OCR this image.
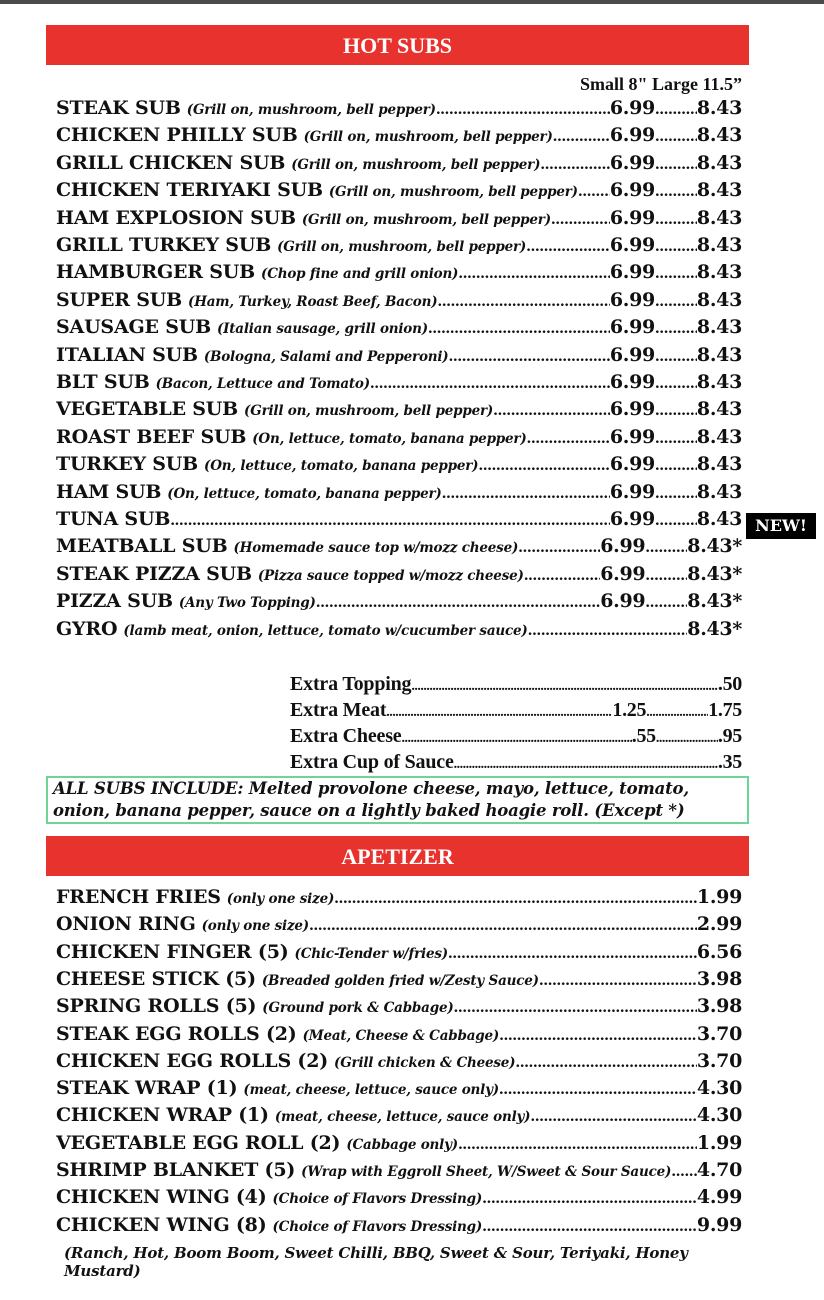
HOT SUBS
Small 8" Large 11.5”
STEAK SUB (Grill on, mushroom, bell pepper) .....	6.99 ..... 8.43
CHICKEN PHILLY SUB (Grill on, mushroom, bell pepper) .....	6.99 ..... 8.43
GRILL CHICKEN SUB (Grill on, mushroom, bell pepper) .....	6.99 ..... 8.43
CHICKEN TERIYAKI SUB (Grill on, mushroom, bell pepper) ..... 6.99 ..... 8.43
HAM EXPLOSION SUB (Grill on, mushroom, bell pepper) .....	6.99 ..... 8.43
GRILL TURKEY SUB (Grill on, mushroom, bell pepper) .....	6.99 ..... 8.43
HAMBURGER SUB (Chop fine and grill onion) .....	6.99 ..... 8.43
SUPER SUB (Ham, Turkey, Roast Beef, Bacon) .....	6.99 ..... 8.43
SAUSAGE SUB (Italian sausage, grill onion) .....	6.99 ..... 8.43
ITALIAN SUB (Bologna, Salami and Pepperoni) .....	6.99 ..... 8.43
BLT SUB (Bacon, Lettuce and Tomato) .....	6.99 ..... 8.43
VEGETABLE SUB (Grill on, mushroom, bell pepper) .....	6.99 ..... 8.43
ROAST BEEF SUB (On, lettuce, tomato, banana pepper) .....	6.99 ..... 8.43
TURKEY SUB (On, lettuce, tomato, banana pepper) .....	6.99 ..... 8.43
HAM SUB (On, lettuce, tomato, banana pepper) .....	6.99 ..... 8.43
TUNA SUB .....	6.99 ..... 8.43
MEATBALL SUB (Homemade sauce top w/mozz cheese) .....	6.99 ..... 8.43*
STEAK PIZZA SUB (Pizza sauce topped w/mozz cheese) .....	6.99 ..... 8.43*
PIZZA SUB (Any Two Topping) .....	6.99 ..... 8.43*
GYRO (lamb meat, onion, lettuce, tomato w/cucumber sauce) .....	8.43*
NEW!
Extra Topping .....	.50
Extra Meat .....	1.25 .....	1.75
Extra Cheese .....	.55 .....	.95
Extra Cup of Sauce .....	.35
ALL SUBS INCLUDE: Melted provolone cheese, mayo, lettuce, tomato, onion, banana pepper, sauce on a lightly baked hoagie roll. (Except *)
APETIZER
FRENCH FRIES (only one size) .....	1.99
ONION RING (only one size) .....	2.99
CHICKEN FINGER (5) (Chic-Tender w/fries) .....	6.56
CHEESE STICK (5) (Breaded golden fried w/Zesty Sauce) .....	3.98
SPRING ROLLS (5) (Ground pork & Cabbage) .....	3.98
STEAK EGG ROLLS (2) (Meat, Cheese & Cabbage) .....	3.70
CHICKEN EGG ROLLS (2) (Grill chicken & Cheese) .....	3.70
STEAK WRAP (1) (meat, cheese, lettuce, sauce only) .....	4.30
CHICKEN WRAP (1) (meat, cheese, lettuce, sauce only) .....	4.30
VEGETABLE EGG ROLL (2) (Cabbage only) .....	1.99
SHRIMP BLANKET (5) (Wrap with Eggroll Sheet, W/Sweet & Sour Sauce) ..... 4.70
CHICKEN WING (4) (Choice of Flavors Dressing) .....	4.99
CHICKEN WING (8) (Choice of Flavors Dressing) .....	9.99
(Ranch, Hot, Boom Boom, Sweet Chilli, BBQ, Sweet & Sour, Teriyaki, Honey Mustard)
